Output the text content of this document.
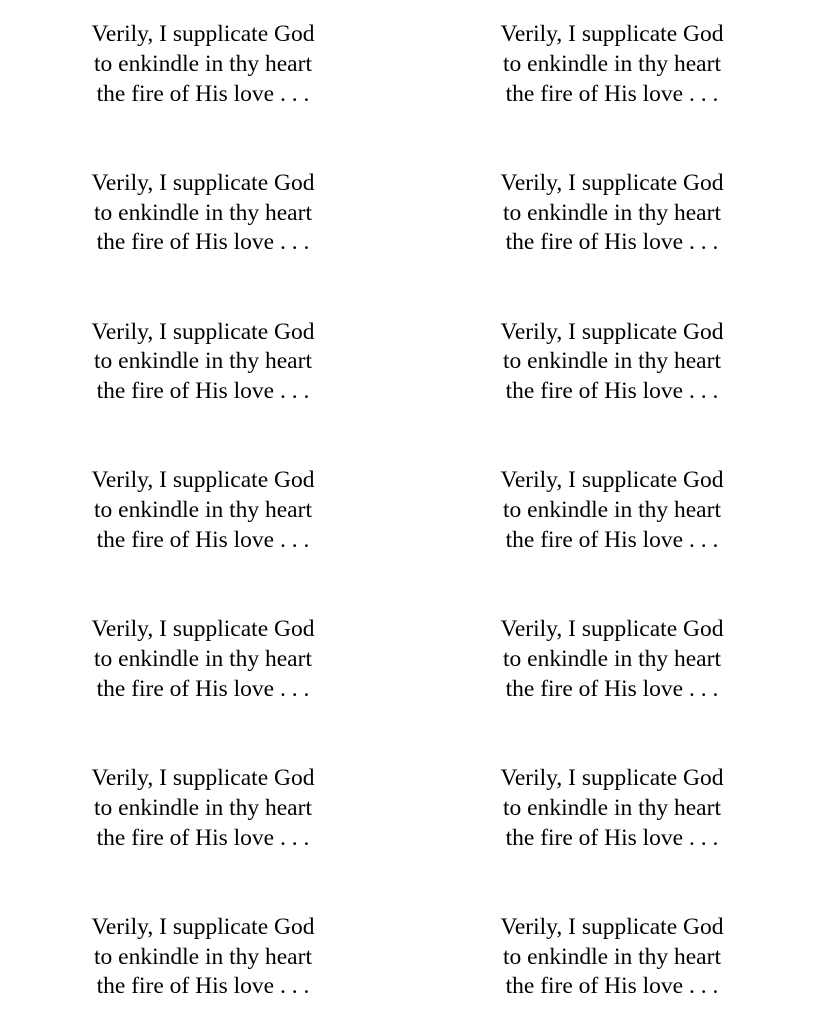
Verily, I supplicate God
to enkindle in thy heart
the fire of His love . . .
Verily, I supplicate God
to enkindle in thy heart
the fire of His love . . .
Verily, I supplicate God
to enkindle in thy heart
the fire of His love . . .
Verily, I supplicate God
to enkindle in thy heart
the fire of His love . . .
Verily, I supplicate God
to enkindle in thy heart
the fire of His love . . .
Verily, I supplicate God
to enkindle in thy heart
the fire of His love . . .
Verily, I supplicate God
to enkindle in thy heart
the fire of His love . . .
Verily, I supplicate God
to enkindle in thy heart
the fire of His love . . .
Verily, I supplicate God
to enkindle in thy heart
the fire of His love . . .
Verily, I supplicate God
to enkindle in thy heart
the fire of His love . . .
Verily, I supplicate God
to enkindle in thy heart
the fire of His love . . .
Verily, I supplicate God
to enkindle in thy heart
the fire of His love . . .
Verily, I supplicate God
to enkindle in thy heart
the fire of His love . . .
Verily, I supplicate God
to enkindle in thy heart
the fire of His love . . .
